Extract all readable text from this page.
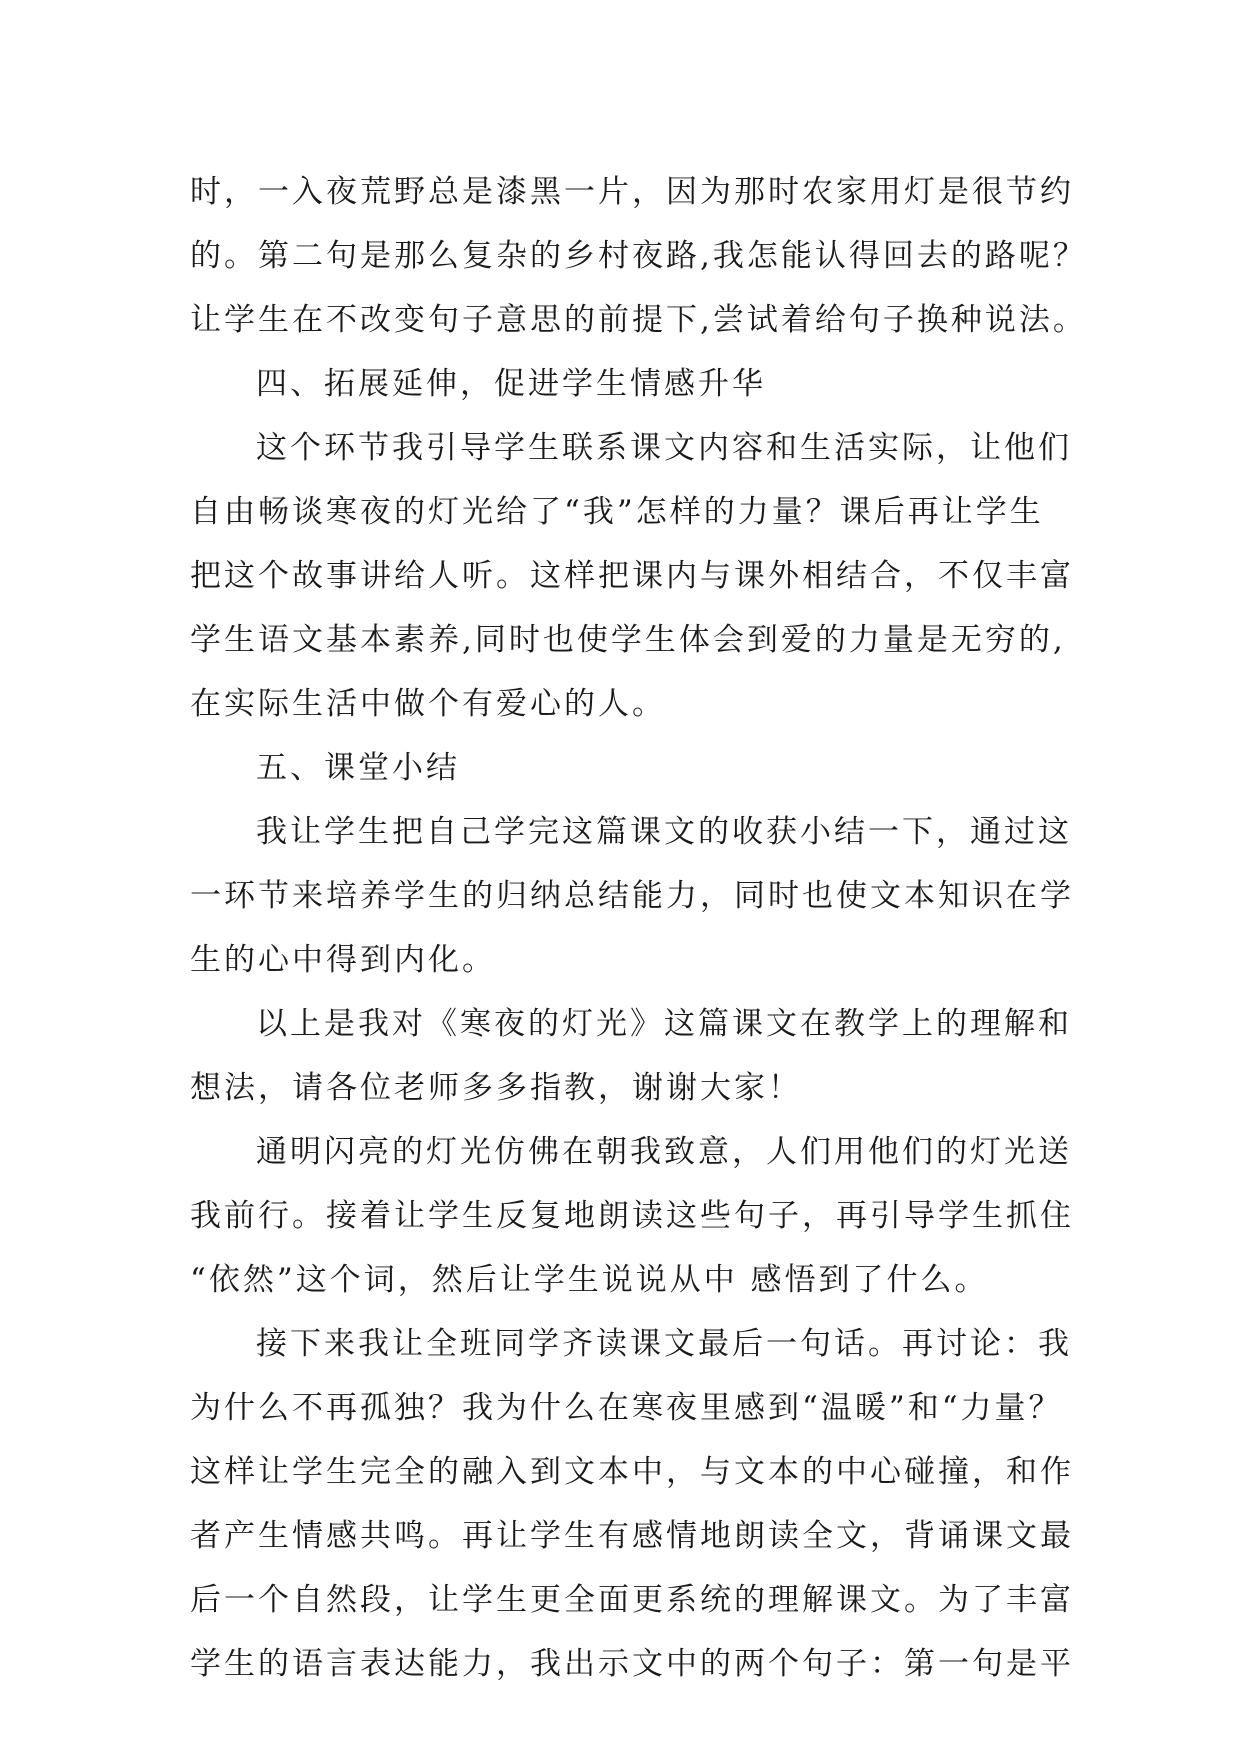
时，一入夜荒野总是漆黑一片，因为那时农家用灯是很节约
的。第二句是那么复杂的乡村夜路,我怎能认得回去的路呢？
让学生在不改变句子意思的前提下,尝试着给句子换种说法。
四、拓展延伸，促进学生情感升华
这个环节我引导学生联系课文内容和生活实际，让他们
自由畅谈寒夜的灯光给了“我”怎样的力量？课后再让学生
把这个故事讲给人听。这样把课内与课外相结合，不仅丰富
学生语文基本素养,同时也使学生体会到爱的力量是无穷的,
在实际生活中做个有爱心的人。
五、课堂小结
我让学生把自己学完这篇课文的收获小结一下，通过这
一环节来培养学生的归纳总结能力，同时也使文本知识在学
生的心中得到内化。
以上是我对《寒夜的灯光》这篇课文在教学上的理解和
想法，请各位老师多多指教，谢谢大家！
通明闪亮的灯光仿佛在朝我致意，人们用他们的灯光送
我前行。接着让学生反复地朗读这些句子，再引导学生抓住
“依然”这个词，然后让学生说说从中 感悟到了什么。
接下来我让全班同学齐读课文最后一句话。再讨论：我
为什么不再孤独？我为什么在寒夜里感到“温暖”和“力量？
这样让学生完全的融入到文本中，与文本的中心碰撞，和作
者产生情感共鸣。再让学生有感情地朗读全文，背诵课文最
后一个自然段，让学生更全面更系统的理解课文。为了丰富
学生的语言表达能力，我出示文中的两个句子：第一句是平
